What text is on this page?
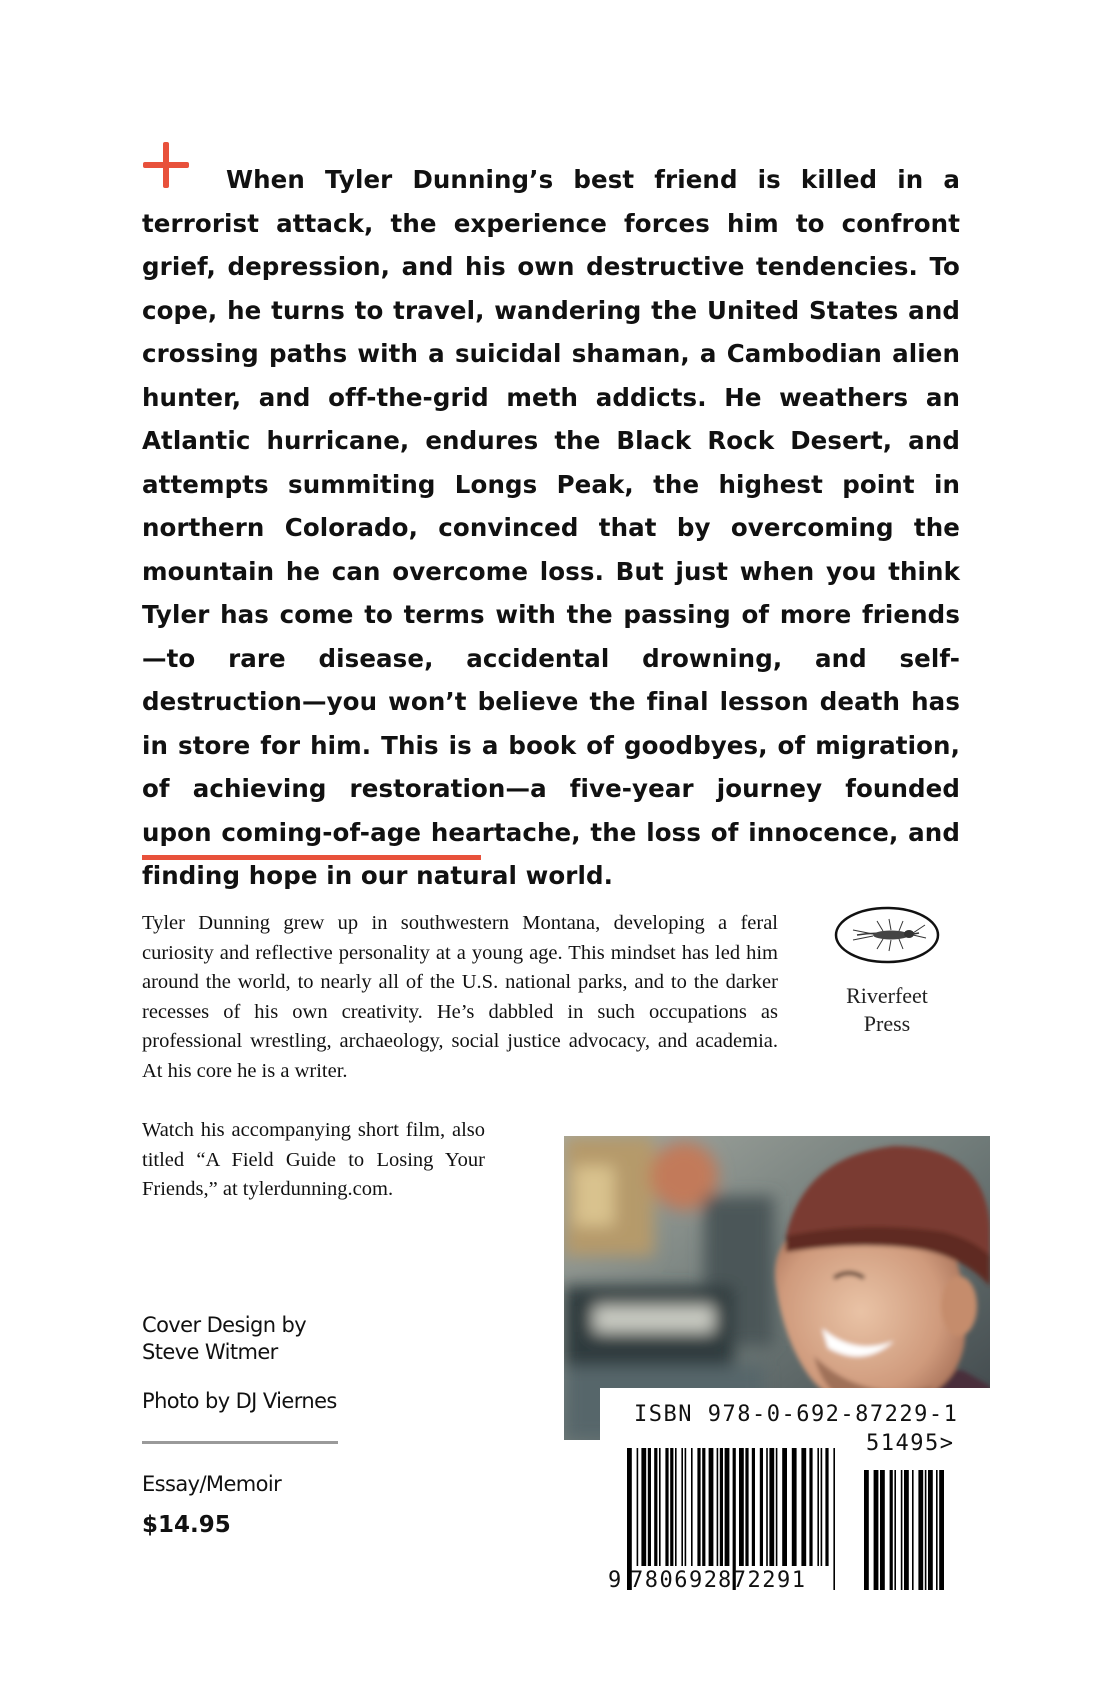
When Tyler Dunning’s best friend is killed in a terrorist attack, the experience forces him to confront grief, depression, and his own destructive tendencies. To cope, he turns to travel, wandering the United States and crossing paths with a suicidal shaman, a Cambodian alien hunter, and off-the-grid meth addicts. He weathers an Atlantic hurricane, endures the Black Rock Desert, and attempts summiting Longs Peak, the highest point in northern Colorado, convinced that by overcoming the mountain he can overcome loss. But just when you think Tyler has come to terms with the passing of more friends—to rare disease, accidental drowning, and self-destruction—you won’t believe the final lesson death has in store for him. This is a book of goodbyes, of migration, of achieving restoration—a five-year journey founded upon coming-of-age heartache, the loss of innocence, and finding hope in our natural world.

Tyler Dunning grew up in southwestern Montana, developing a feral curiosity and reflective personality at a young age. This mindset has led him around the world, to nearly all of the U.S. national parks, and to the darker recesses of his own creativity. He’s dabbled in such occupations as professional wrestling, archaeology, social justice advocacy, and academia. At his core he is a writer.

Riverfeet
Press

Watch his accompanying short film, also titled “A Field Guide to Losing Your Friends,” at tylerdunning.com.

Cover Design by
Steve Witmer
Photo by DJ Viernes
Essay/Memoir
$14.95
ISBN 978-0-692-87229-1
51495>

9

780692

872291
